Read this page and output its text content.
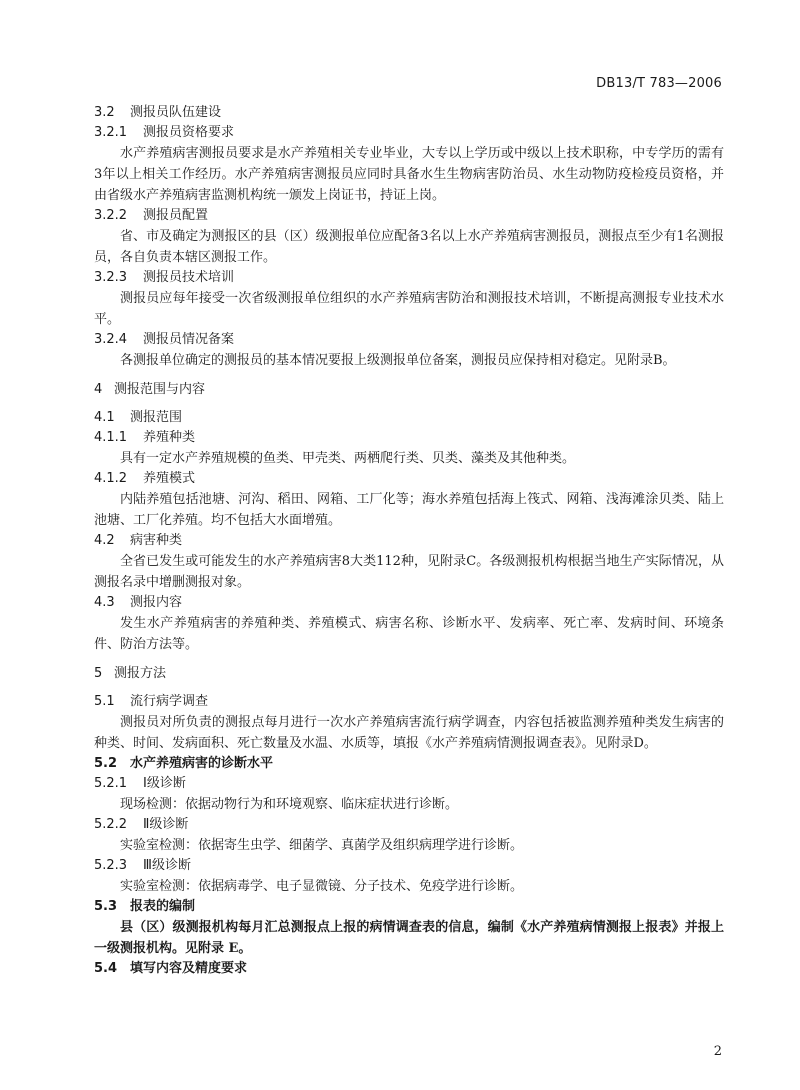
DB13/T 783—2006
3.2 测报员队伍建设
3.2.1 测报员资格要求

水产养殖病害测报员要求是水产养殖相关专业毕业，大专以上学历或中级以上技术职称，中专学历的需有3年以上相关工作经历。水产养殖病害测报员应同时具备水生生物病害防治员、水生动物防疫检疫员资格，并由省级水产养殖病害监测机构统一颁发上岗证书，持证上岗。

3.2.2 测报员配置

省、市及确定为测报区的县（区）级测报单位应配备3名以上水产养殖病害测报员，测报点至少有1名测报员，各自负责本辖区测报工作。

3.2.3 测报员技术培训

测报员应每年接受一次省级测报单位组织的水产养殖病害防治和测报技术培训，不断提高测报专业技术水平。

3.2.4 测报员情况备案

各测报单位确定的测报员的基本情况要报上级测报单位备案，测报员应保持相对稳定。见附录B。

4 测报范围与内容
4.1 测报范围
4.1.1 养殖种类

具有一定水产养殖规模的鱼类、甲壳类、两栖爬行类、贝类、藻类及其他种类。

4.1.2 养殖模式

内陆养殖包括池塘、河沟、稻田、网箱、工厂化等；海水养殖包括海上筏式、网箱、浅海滩涂贝类、陆上池塘、工厂化养殖。均不包括大水面增殖。

4.2 病害种类

全省已发生或可能发生的水产养殖病害8大类112种，见附录C。各级测报机构根据当地生产实际情况，从测报名录中增删测报对象。

4.3 测报内容

发生水产养殖病害的养殖种类、养殖模式、病害名称、诊断水平、发病率、死亡率、发病时间、环境条件、防治方法等。

5 测报方法
5.1 流行病学调查

测报员对所负责的测报点每月进行一次水产养殖病害流行病学调查，内容包括被监测养殖种类发生病害的种类、时间、发病面积、死亡数量及水温、水质等，填报《水产养殖病情测报调查表》。见附录D。

5.2 水产养殖病害的诊断水平
5.2.1 Ⅰ级诊断

现场检测：依据动物行为和环境观察、临床症状进行诊断。

5.2.2 Ⅱ级诊断

实验室检测：依据寄生虫学、细菌学、真菌学及组织病理学进行诊断。

5.2.3 Ⅲ级诊断

实验室检测：依据病毒学、电子显微镜、分子技术、免疫学进行诊断。

5.3 报表的编制

县（区）级测报机构每月汇总测报点上报的病情调查表的信息，编制《水产养殖病情测报上报表》并报上一级测报机构。见附录 E。

5.4 填写内容及精度要求
2
